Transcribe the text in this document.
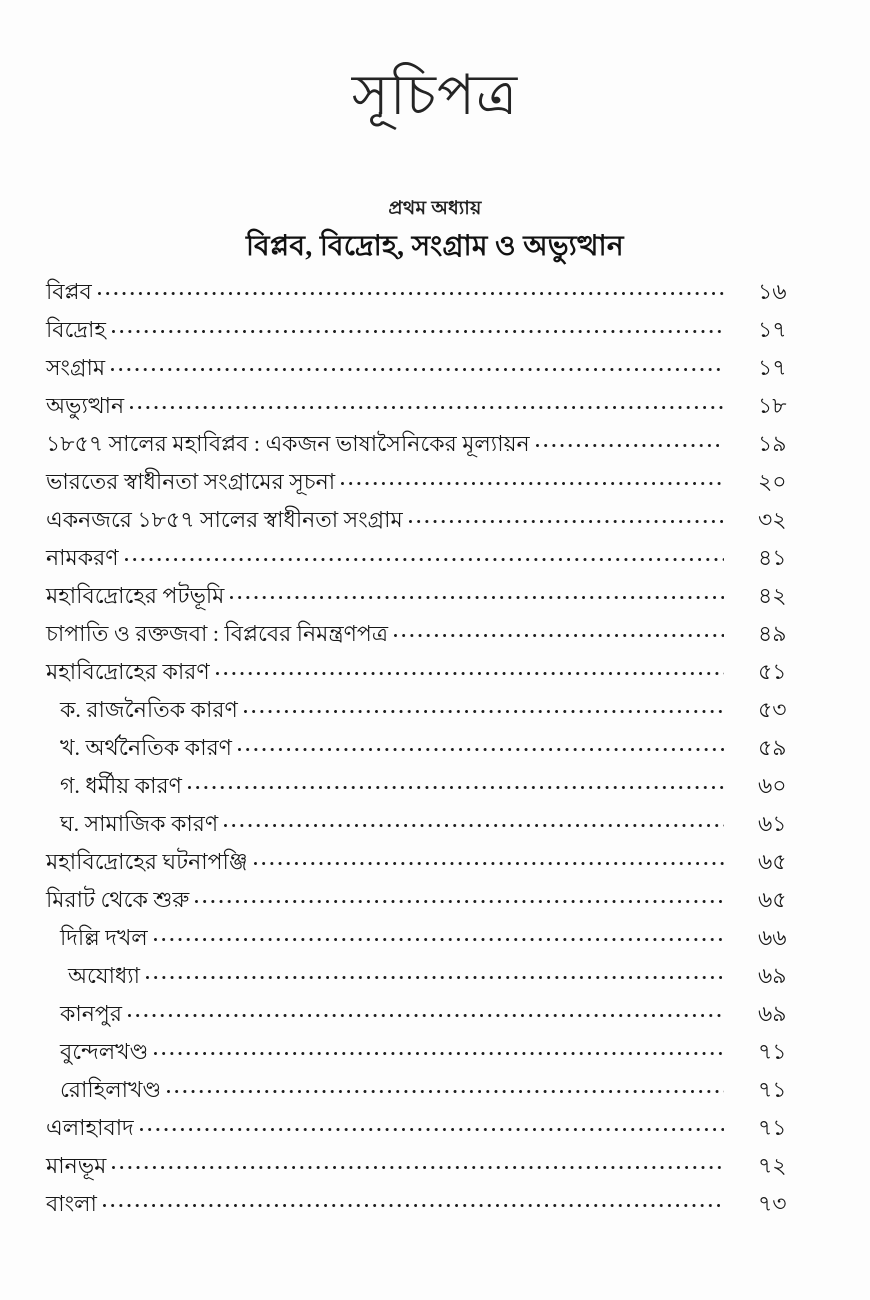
সূচিপত্র
প্রথম অধ্যায়
বিপ্লব, বিদ্রোহ, সংগ্রাম ও অভ্যুত্থান
বিপ্লব	১৬
বিদ্রোহ	১৭
সংগ্রাম	১৭
অভ্যুত্থান	১৮
১৮৫৭ সালের মহাবিপ্লব : একজন ভাষাসৈনিকের মূল্যায়ন	১৯
ভারতের স্বাধীনতা সংগ্রামের সূচনা	২০
একনজরে ১৮৫৭ সালের স্বাধীনতা সংগ্রাম	৩২
নামকরণ	৪১
মহাবিদ্রোহের পটভূমি	৪২
চাপাতি ও রক্তজবা : বিপ্লবের নিমন্ত্রণপত্র	৪৯
মহাবিদ্রোহের কারণ	৫১
ক. রাজনৈতিক কারণ	৫৩
খ. অর্থনৈতিক কারণ	৫৯
গ. ধর্মীয় কারণ	৬০
ঘ. সামাজিক কারণ	৬১
মহাবিদ্রোহের ঘটনাপঞ্জি	৬৫
মিরাট থেকে শুরু	৬৫
দিল্লি দখল	৬৬
অযোধ্যা	৬৯
কানপুর	৬৯
বুন্দেলখণ্ড	৭১
রোহিলাখণ্ড	৭১
এলাহাবাদ	৭১
মানভূম	৭২
বাংলা	৭৩
